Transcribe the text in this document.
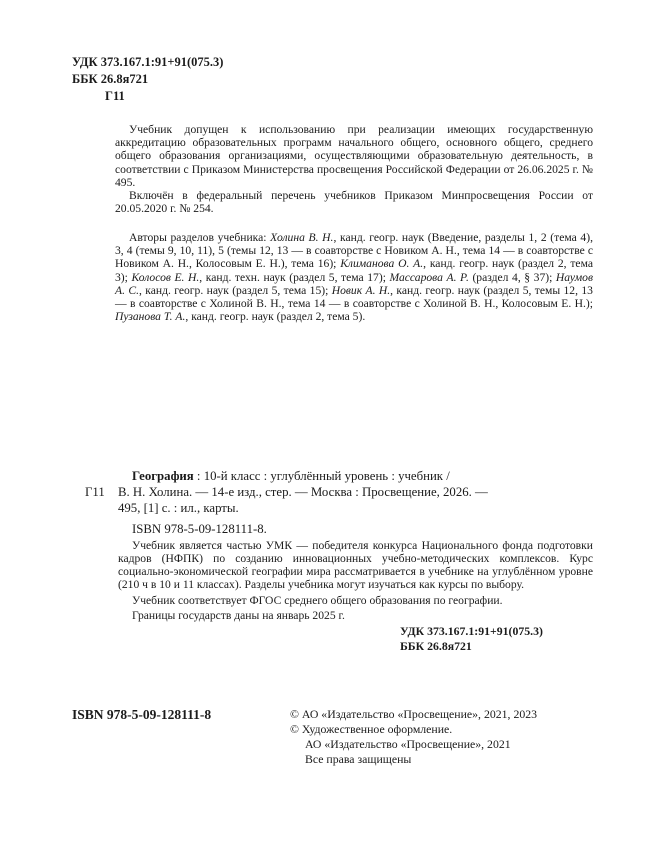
УДК 373.167.1:91+91(075.3)
ББК 26.8я721
Г11

Учебник допущен к использованию при реализации имеющих государственную аккредитацию образовательных программ начального общего, основного общего, среднего общего образования организациями, осуществляющими образовательную деятельность, в соответствии с Приказом Министерства просвещения Российской Федерации от 26.06.2025 г. № 495.

Включён в федеральный перечень учебников Приказом Минпросвещения России от 20.05.2020 г. № 254.

Авторы разделов учебника: Холина В. Н., канд. геогр. наук (Введение, разделы 1, 2 (тема 4), 3, 4 (темы 9, 10, 11), 5 (темы 12, 13 — в соавторстве с Новиком А. Н., тема 14 — в соавторстве с Новиком А. Н., Колосовым Е. Н.), тема 16); Климанова О. А., канд. геогр. наук (раздел 2, тема 3); Колосов Е. Н., канд. техн. наук (раздел 5, тема 17); Массарова А. Р. (раздел 4, § 37); Наумов А. С., канд. геогр. наук (раздел 5, тема 15); Новик А. Н., канд. геогр. наук (раздел 5, темы 12, 13 — в соавторстве с Холиной В. Н., тема 14 — в соавторстве с Холиной В. Н., Колосовым Е. Н.); Пузанова Т. А., канд. геогр. наук (раздел 2, тема 5).
Г11
География : 10-й класс : углублённый уровень : учебник /
В. Н. Холина. — 14-е изд., стер. — Москва : Просвещение, 2026. —
495, [1] с. : ил., карты.
ISBN 978-5-09-128111-8.

Учебник является частью УМК — победителя конкурса Национального фонда подготовки кадров (НФПК) по созданию инновационных учебно-методических комплексов. Курс социально-экономической географии мира рассматривается в учебнике на углублённом уровне (210 ч в 10 и 11 классах). Разделы учебника могут изучаться как курсы по выбору.

Учебник соответствует ФГОС среднего общего образования по географии.

Границы государств даны на январь 2025 г.

УДК 373.167.1:91+91(075.3)
ББК 26.8я721
ISBN 978-5-09-128111-8	© АО «Издательство «Просвещение», 2021, 2023
© Художественное оформление.
АО «Издательство «Просвещение», 2021
Все права защищены
